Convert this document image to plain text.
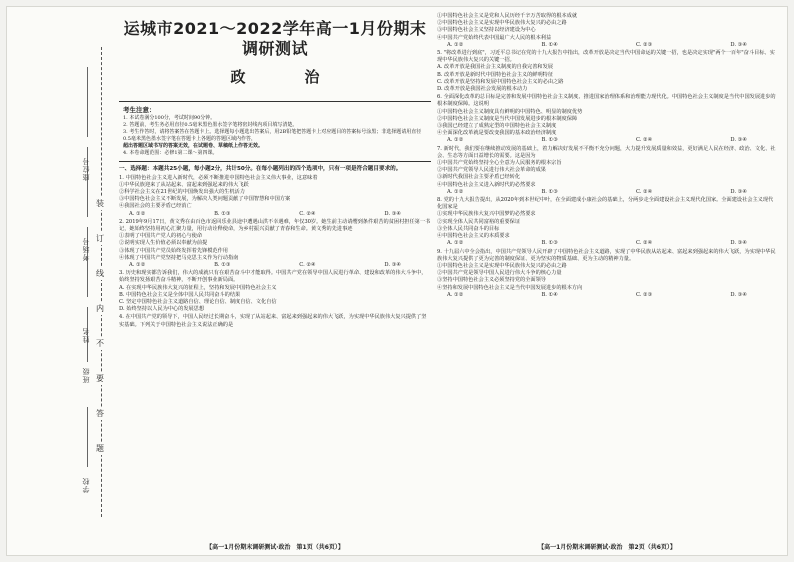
学校
班级
姓名
考场号
座位号
装
订
线
内
不
要
答
题
运城市2021～2022学年高一1月份期末调研测试
政　治
考生注意：

1. 本试卷满分100分，考试时间90分钟。

2. 答题前，考生务必用直径0.5毫米黑色墨水签字笔将密封线内项目填写清楚。

3. 考生作答时，请将答案答在答题卡上。选择题每小题选出答案后，用2B铅笔把答题卡上对应题目的答案标号涂黑；非选择题请用直径0.5毫米黑色墨水签字笔在答题卡上各题的答题区域内作答，

超出答题区域书写的答案无效，在试题卷、草稿纸上作答无效。

4. 本卷命题范围：必修1第二课～第四课。

一、选择题：本题共25小题，每小题2分，共计50分。在每小题列出的四个选项中，只有一项是符合题目要求的。

1. 中国特色社会主义进入新时代，必须不断推进中国特色社会主义伟大事业，这意味着

①中华民族迎来了从站起来、富起来到强起来的伟大飞跃

②科学社会主义在21世纪的中国焕发出强大的生机活力

③中国特色社会主义不断发展，为解决人类问题贡献了中国智慧和中国方案

④我国社会的主要矛盾已经消亡

A. ①②	B. ①③	C. ②④	D. ③④

2. 2019年9月17日，黄文秀在由百色市返回乐业县途中遭遇山洪不幸遇难，年仅30岁。她生前主动请缨到条件艰苦的贫困村担任第一书记，她始终坚持用初心汇聚力量，用行动诠释使命，为乡村振兴贡献了青春和生命。黄文秀的先进事迹

①表明了中国共产党人的初心与使命

②说明实现人生价值必须以奉献为前提

③体现了中国共产党员始终发挥着先锋模范作用

④体现了中国共产党坚持把马克思主义作为行动指南

A. ①②	B. ①③	C. ②④	D. ③④

3. 历史和现实都告诉我们，伟大的成就只有在艰苦奋斗中才能取得。中国共产党在领导中国人民进行革命、建设和改革的伟大斗争中，始终坚持发扬艰苦奋斗精神，不断开创事业新局面。

A. 在实现中华民族伟大复兴的征程上，坚持和发展中国特色社会主义

B. 中国特色社会主义是全体中国人民共同奋斗的结果

C. 坚定中国特色社会主义道路自信、理论自信、制度自信、文化自信

D. 始终坚持以人民为中心的发展思想

4. 在中国共产党的领导下，中国人民经过长期奋斗，实现了从站起来、富起来到强起来的伟大飞跃，为实现中华民族伟大复兴提供了坚实基础。下列关于中国特色社会主义说法正确的是

【高一1月份期末调研测试·政治　第1页（共6页）】

①中国特色社会主义是党和人民历经千辛万苦取得的根本成就

②中国特色社会主义是实现中华民族伟大复兴的必由之路

③中国特色社会主义坚持以经济建设为中心

④中国共产党始终代表中国最广大人民的根本利益

A. ①②	B. ①④	C. ②③	D. ③④

5. "将改革进行到底"，习近平总书记在党的十九大报告中指出，改革开放是决定当代中国命运的关键一招，也是决定实现"两个一百年"奋斗目标、实现中华民族伟大复兴的关键一招。

A. 改革开放是我国社会主义制度的自我完善和发展

B. 改革开放是新时代中国特色社会主义的鲜明特征

C. 改革开放是坚持和发展中国特色社会主义的必由之路

D. 改革开放是我国社会发展的根本动力

6. 全面深化改革的总目标是完善和发展中国特色社会主义制度、推进国家治理体系和治理能力现代化。中国特色社会主义制度是当代中国发展进步的根本制度保障。这说明

①中国特色社会主义制度具有鲜明的中国特色、明显的制度优势

②中国特色社会主义制度是当代中国发展进步的根本制度保障

③我国已经建立了成熟定型的中国特色社会主义制度

④全面深化改革就是要改变我国的基本政治经济制度

A. ①②	B. ①③	C. ②④	D. ③④

7. 新时代，我们要在继续推动发展的基础上，着力解决好发展不平衡不充分问题，大力提升发展质量和效益，更好满足人民在经济、政治、文化、社会、生态等方面日益增长的需要。这是因为

①中国共产党始终坚持全心全意为人民服务的根本宗旨

②中国共产党领导人民进行伟大社会革命的成果

③新时代我国社会主要矛盾已经转化

④中国特色社会主义进入新时代的必然要求

A. ①②	B. ①③	C. ②④	D. ③④

8. 党的十九大报告提出，从2020年到本世纪中叶，在全面建成小康社会的基础上，分两步走全面建设社会主义现代化国家。全面建设社会主义现代化国家是

①实现中华民族伟大复兴中国梦的必然要求

②实现全体人民共同富裕的重要保证

③全体人民共同奋斗的目标

④中国特色社会主义的本质要求

A. ①②	B. ①③	C. ②④	D. ③④

9. 十九届六中全会指出，中国共产党领导人民开辟了中国特色社会主义道路，实现了中华民族从站起来、富起来到强起来的伟大飞跃，为实现中华民族伟大复兴提供了更为完善的制度保证、更为坚实的物质基础、更为主动的精神力量。

①中国特色社会主义是实现中华民族伟大复兴的必由之路

②中国共产党是领导中国人民进行伟大斗争的核心力量

③坚持中国特色社会主义必须坚持党的全面领导

④坚持和发展中国特色社会主义是当代中国发展进步的根本方向

A. ①②	B. ①④	C. ②③	D. ③④
【高一1月份期末调研测试·政治　第2页（共6页）】
